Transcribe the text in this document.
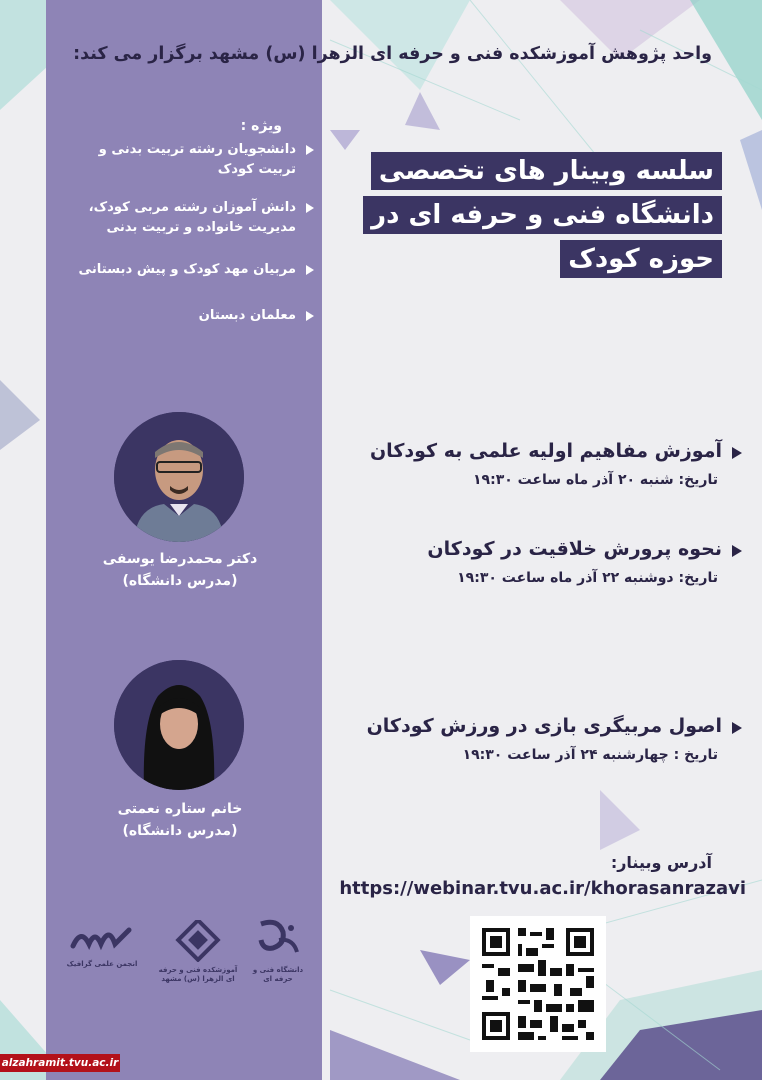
واحد پژوهش آموزشکده فنی و حرفه ای الزهرا (س) مشهد برگزار می کند:
ویژه :
دانشجویان رشته تربیت بدنی و تربیت کودک
دانش آموزان رشته مربی کودک، مدیریت خانواده و تربیت بدنی
مربیان مهد کودک و پیش دبستانی
معلمان دبستان
سلسه وبینار های تخصصی
دانشگاه فنی و حرفه ای در
حوزه کودک
آموزش مفاهیم اولیه علمی به کودکان
تاریخ: شنبه ۲۰ آذر ماه ساعت ۱۹:۳۰
نحوه پرورش خلاقیت در کودکان
تاریخ: دوشنبه ۲۲ آذر ماه ساعت ۱۹:۳۰
اصول مربیگری بازی در ورزش کودکان
تاریخ : چهارشنبه ۲۴ آذر ساعت ۱۹:۳۰
دکتر محمدرضا یوسفی
(مدرس دانشگاه)
خانم ستاره نعمتی
(مدرس دانشگاه)
آدرس وبینار:
https://webinar.tvu.ac.ir/khorasanrazavi
دانشگاه فنی و حرفه ای
آموزشکده فنی و حرفه ای الزهرا (س) مشهد
انجمن علمی گرافیک
alzahramit.tvu.ac.ir
